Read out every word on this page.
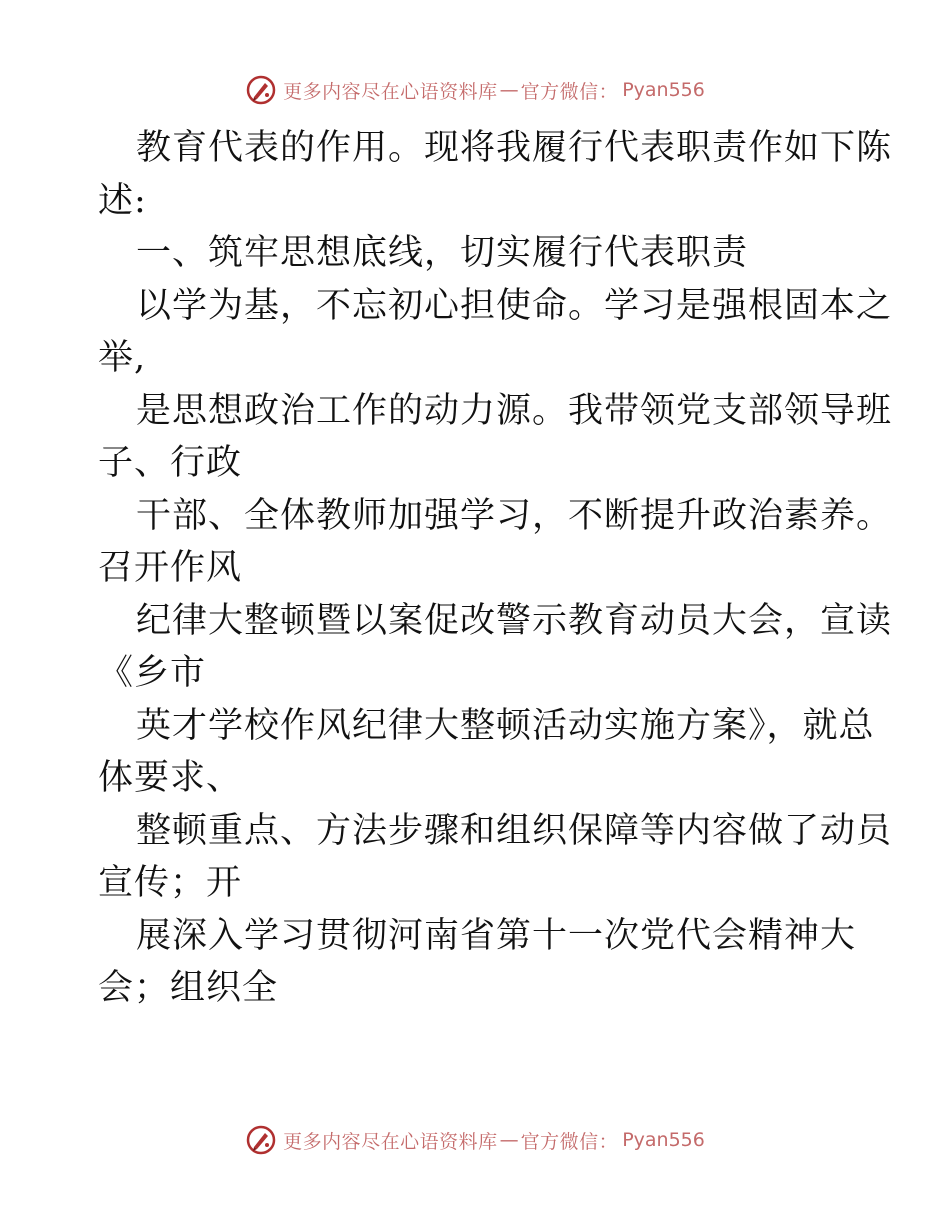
更多内容尽在心语资料库 — 官方微信： Pyan556
教育代表的作用。现将我履行代表职责作如下陈
述:
一、筑牢思想底线，切实履行代表职责
以学为基，不忘初心担使命。学习是强根固本之
举,
是思想政治工作的动力源。我带领党支部领导班
子、行政
干部、全体教师加强学习，不断提升政治素养。
召开作风
纪律大整顿暨以案促改警示教育动员大会，宣读
《乡市
英才学校作风纪律大整顿活动实施方案》，就总
体要求、
整顿重点、方法步骤和组织保障等内容做了动员
宣传；开
展深入学习贯彻河南省第十一次党代会精神大
会；组织全
更多内容尽在心语资料库 — 官方微信： Pyan556
